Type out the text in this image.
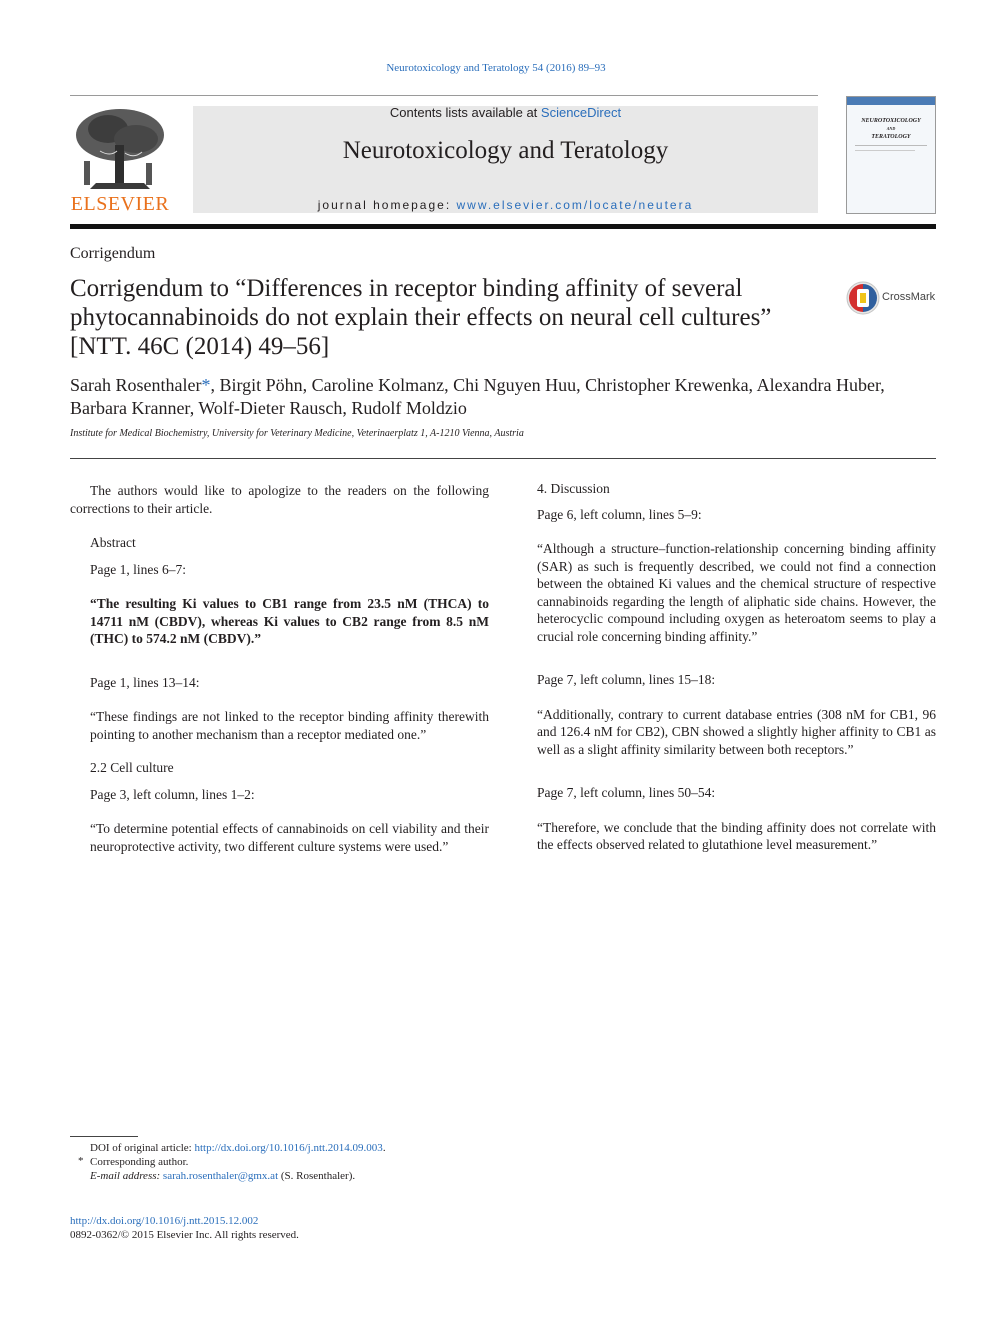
Neurotoxicology and Teratology 54 (2016) 89–93
ELSEVIER
Contents lists available at ScienceDirect
Neurotoxicology and Teratology
journal homepage: www.elsevier.com/locate/neutera
NEUROTOXICOLOGY
AND
TERATOLOGY
Corrigendum
Corrigendum to “Differences in receptor binding affinity of several
phytocannabinoids do not explain their effects on neural cell cultures”
[NTT. 46C (2014) 49–56]
CrossMark
Sarah Rosenthaler*, Birgit Pöhn, Caroline Kolmanz, Chi Nguyen Huu, Christopher Krewenka, Alexandra Huber,
Barbara Kranner, Wolf-Dieter Rausch, Rudolf Moldzio
Institute for Medical Biochemistry, University for Veterinary Medicine, Veterinaerplatz 1, A-1210 Vienna, Austria

The authors would like to apologize to the readers on the following corrections to their article.

Abstract

Page 1, lines 6–7:

“The resulting Ki values to CB1 range from 23.5 nM (THCA) to 14711 nM (CBDV), whereas Ki values to CB2 range from 8.5 nM (THC) to 574.2 nM (CBDV).”

Page 1, lines 13–14:

“These findings are not linked to the receptor binding affinity therewith pointing to another mechanism than a receptor mediated one.”

2.2 Cell culture

Page 3, left column, lines 1–2:

“To determine potential effects of cannabinoids on cell viability and their neuroprotective activity, two different culture systems were used.”

4. Discussion

Page 6, left column, lines 5–9:

“Although a structure–function-relationship concerning binding affinity (SAR) as such is frequently described, we could not find a connection between the obtained Ki values and the chemical structure of respective cannabinoids regarding the length of aliphatic side chains. However, the heterocyclic compound including oxygen as heteroatom seems to play a crucial role concerning binding affinity.”

Page 7, left column, lines 15–18:

“Additionally, contrary to current database entries (308 nM for CB1, 96 and 126.4 nM for CB2), CBN showed a slightly higher affinity to CB1 as well as a slight affinity similarity between both receptors.”

Page 7, left column, lines 50–54:

“Therefore, we conclude that the binding affinity does not correlate with the effects observed related to glutathione level measurement.”

DOI of original article: http://dx.doi.org/10.1016/j.ntt.2014.09.003.
* Corresponding author.
E-mail address: sarah.rosenthaler@gmx.at (S. Rosenthaler).
http://dx.doi.org/10.1016/j.ntt.2015.12.002
0892-0362/© 2015 Elsevier Inc. All rights reserved.
